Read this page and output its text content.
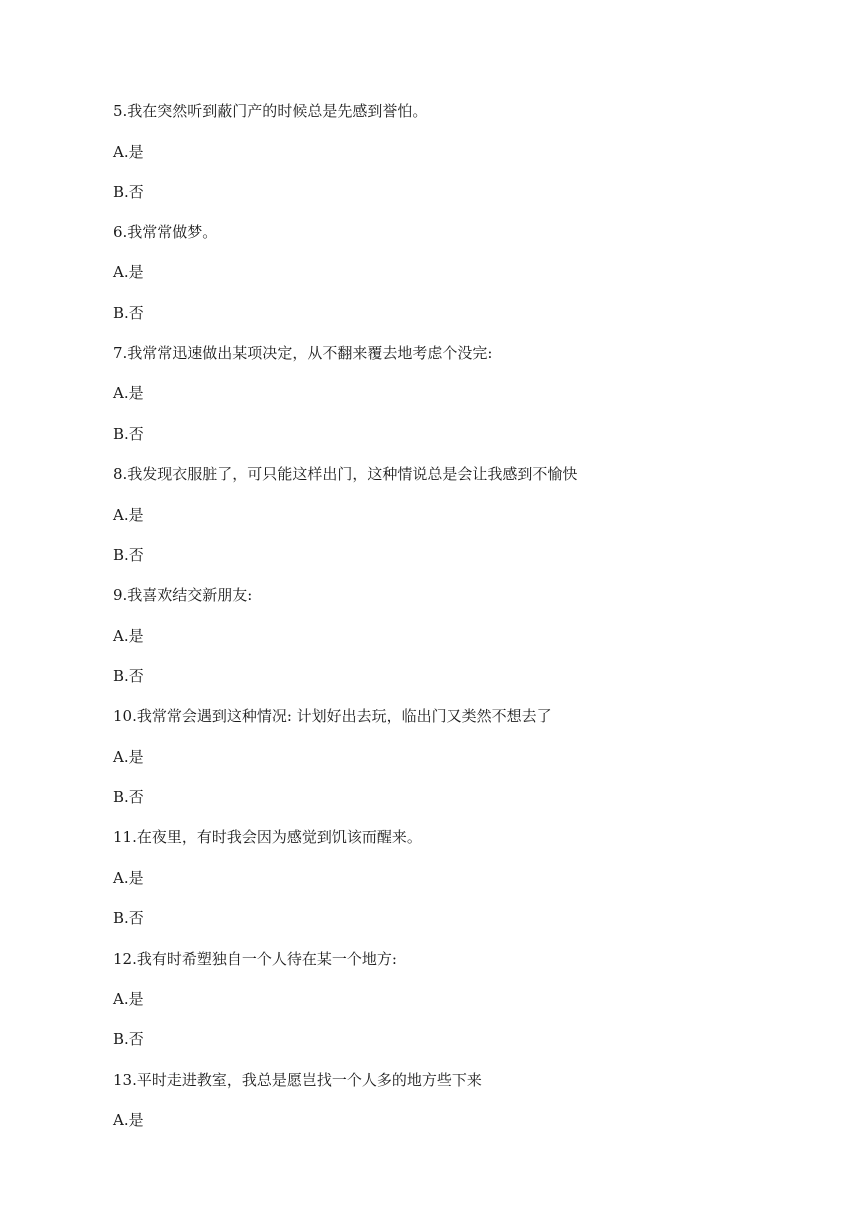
5.我在突然听到蔽门产的时候总是先感到誉怕。
A.是
B.否
6.我常常做梦。
A.是
B.否
7.我常常迅速做出某项决定，从不翻来覆去地考虑个没完:
A.是
B.否
8.我发现衣服脏了，可只能这样出门，这种情说总是会让我感到不愉快
A.是
B.否
9.我喜欢结交新朋友:
A.是
B.否
10.我常常会遇到这种情况: 计划好出去玩，临出门又类然不想去了
A.是
B.否
11.在夜里，有时我会因为感觉到饥该而醒来。
A.是
B.否
12.我有时希塑独自一个人待在某一个地方:
A.是
B.否
13.平时走进教室，我总是愿岂找一个人多的地方些下来
A.是
